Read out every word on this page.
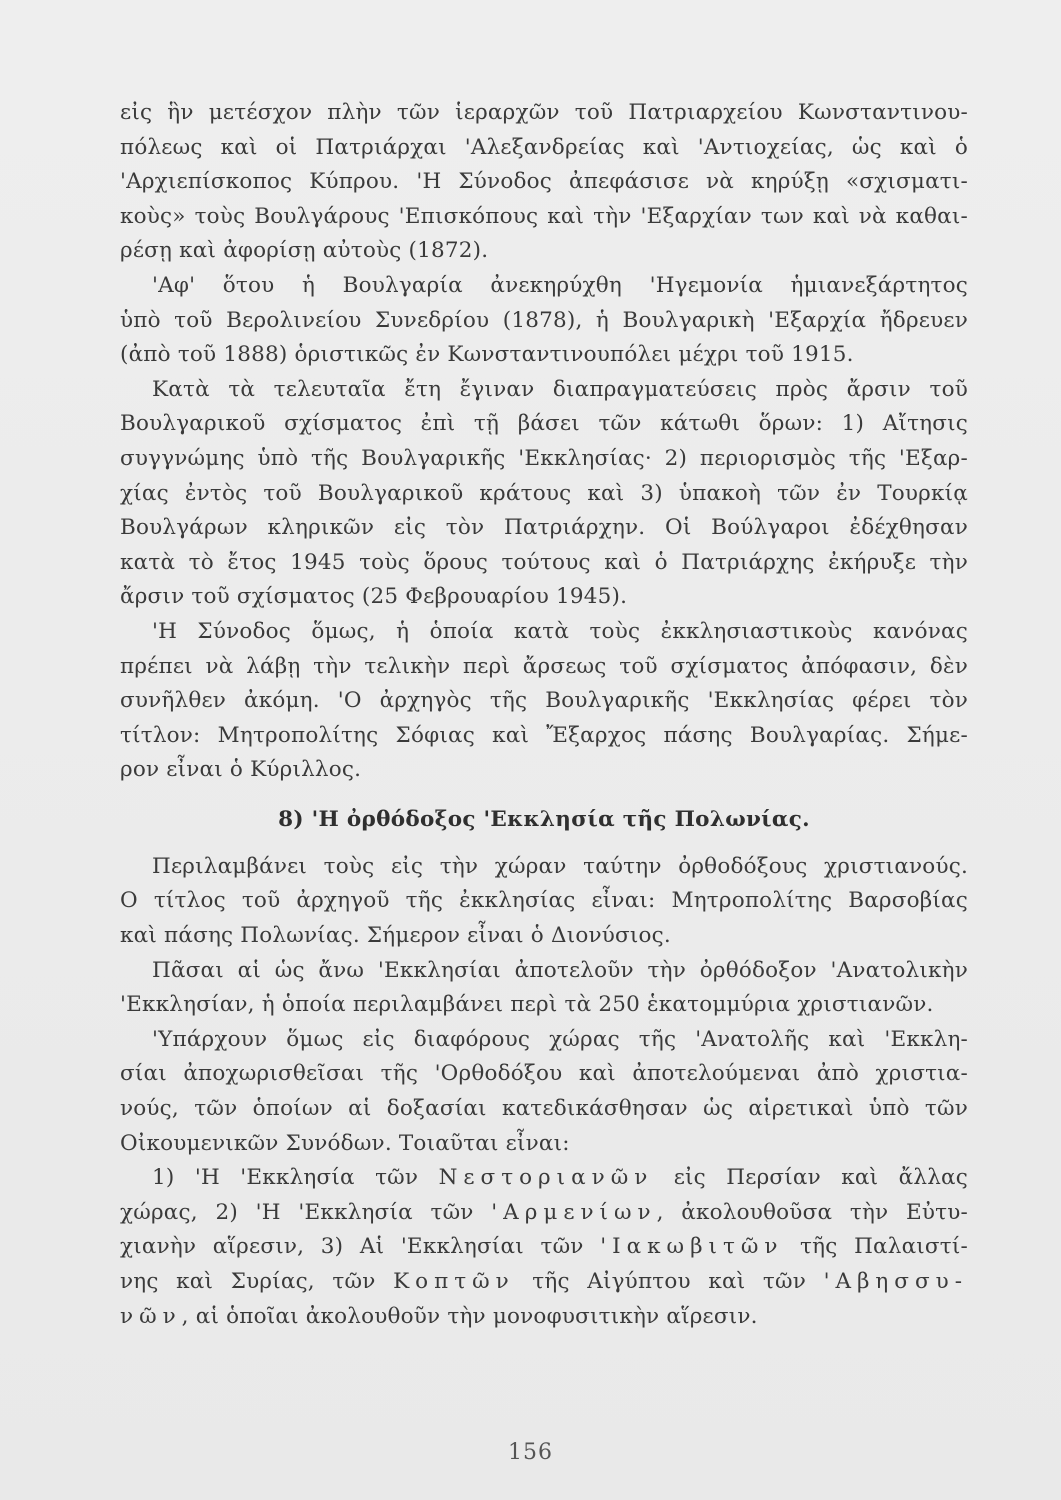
εἰς ἣν μετέσχον πλὴν τῶν ἱεραρχῶν τοῦ Πατριαρχείου Κωνσταντινου-
πόλεως καὶ οἱ Πατριάρχαι 'Αλεξανδρείας καὶ 'Αντιοχείας, ὡς καὶ ὁ
'Αρχιεπίσκοπος Κύπρου. 'Η Σύνοδος ἀπεφάσισε νὰ κηρύξῃ «σχισματι-
κοὺς» τοὺς Βουλγάρους 'Επισκόπους καὶ τὴν 'Εξαρχίαν των καὶ νὰ καθαι-
ρέσῃ καὶ ἀφορίσῃ αὐτοὺς (1872).
'Αφ' ὅτου ἡ Βουλγαρία ἀνεκηρύχθη 'Ηγεμονία ἡμιανεξάρτητος
ὑπὸ τοῦ Βερολινείου Συνεδρίου (1878), ἡ Βουλγαρικὴ 'Εξαρχία ἤδρευεν
(ἀπὸ τοῦ 1888) ὁριστικῶς ἐν Κωνσταντινουπόλει μέχρι τοῦ 1915.
Κατὰ τὰ τελευταῖα ἔτη ἔγιναν διαπραγματεύσεις πρὸς ἄρσιν τοῦ
Βουλγαρικοῦ σχίσματος ἐπὶ τῇ βάσει τῶν κάτωθι ὅρων: 1) Αἴτησις
συγγνώμης ὑπὸ τῆς Βουλγαρικῆς 'Εκκλησίας· 2) περιορισμὸς τῆς 'Εξαρ-
χίας ἐντὸς τοῦ Βουλγαρικοῦ κράτους καὶ 3) ὑπακοὴ τῶν ἐν Τουρκίᾳ
Βουλγάρων κληρικῶν εἰς τὸν Πατριάρχην. Οἱ Βούλγαροι ἐδέχθησαν
κατὰ τὸ ἔτος 1945 τοὺς ὅρους τούτους καὶ ὁ Πατριάρχης ἐκήρυξε τὴν
ἄρσιν τοῦ σχίσματος (25 Φεβρουαρίου 1945).
'Η Σύνοδος ὅμως, ἡ ὁποία κατὰ τοὺς ἐκκλησιαστικοὺς κανόνας
πρέπει νὰ λάβῃ τὴν τελικὴν περὶ ἄρσεως τοῦ σχίσματος ἀπόφασιν, δὲν
συνῆλθεν ἀκόμη. 'Ο ἀρχηγὸς τῆς Βουλγαρικῆς 'Εκκλησίας φέρει τὸν
τίτλον: Μητροπολίτης Σόφιας καὶ Ἔξαρχος πάσης Βουλγαρίας. Σήμε-
ρον εἶναι ὁ Κύριλλος.
8) 'Η ὀρθόδοξος 'Εκκλησία τῆς Πολωνίας.
Περιλαμβάνει τοὺς εἰς τὴν χώραν ταύτην ὀρθοδόξους χριστιανούς.
Ο τίτλος τοῦ ἀρχηγοῦ τῆς ἐκκλησίας εἶναι: Μητροπολίτης Βαρσοβίας
καὶ πάσης Πολωνίας. Σήμερον εἶναι ὁ Διονύσιος.
Πᾶσαι αἱ ὡς ἄνω 'Εκκλησίαι ἀποτελοῦν τὴν ὀρθόδοξον 'Ανατολικὴν
'Εκκλησίαν, ἡ ὁποία περιλαμβάνει περὶ τὰ 250 ἑκατομμύρια χριστιανῶν.
'Υπάρχουν ὅμως εἰς διαφόρους χώρας τῆς 'Ανατολῆς καὶ 'Εκκλη-
σίαι ἀποχωρισθεῖσαι τῆς 'Ορθοδόξου καὶ ἀποτελούμεναι ἀπὸ χριστια-
νούς, τῶν ὁποίων αἱ δοξασίαι κατεδικάσθησαν ὡς αἱρετικαὶ ὑπὸ τῶν
Οἰκουμενικῶν Συνόδων. Τοιαῦται εἶναι:
1) 'Η 'Εκκλησία τῶν Νεστοριανῶν εἰς Περσίαν καὶ ἄλλας
χώρας, 2) 'Η 'Εκκλησία τῶν 'Αρμενίων, ἀκολουθοῦσα τὴν Εὐτυ-
χιανὴν αἵρεσιν, 3) Αἱ 'Εκκλησίαι τῶν 'Ιακωβιτῶν τῆς Παλαιστί-
νης καὶ Συρίας, τῶν Κοπτῶν τῆς Αἰγύπτου καὶ τῶν 'Αβησσυ-
νῶν, αἱ ὁποῖαι ἀκολουθοῦν τὴν μονοφυσιτικὴν αἵρεσιν.
156
